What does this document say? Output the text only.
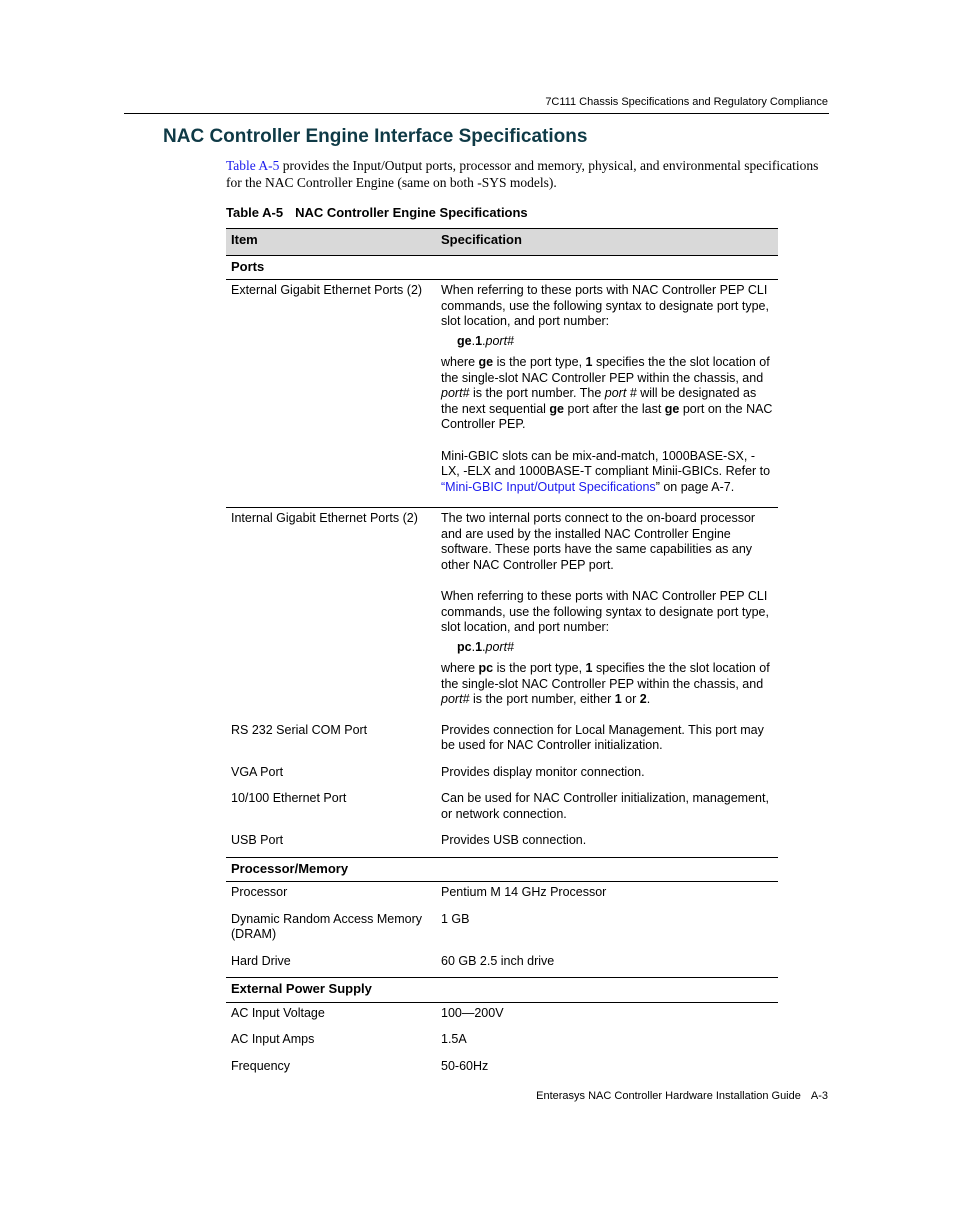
7C111 Chassis Specifications and Regulatory Compliance
NAC Controller Engine Interface Specifications
Table A-5 provides the Input/Output ports, processor and memory, physical, and environmental specifications for the NAC Controller Engine (same on both -SYS models).
Table A-5 NAC Controller Engine Specifications
Item	Specification
Ports	
External Gigabit Ethernet Ports (2)	When referring to these ports with NAC Controller PEP CLI commands, use the following syntax to designate port type, slot location, and port number:
ge.1.port#
where ge is the port type, 1 specifies the the slot location of the single-slot NAC Controller PEP within the chassis, and port# is the port number. The port # will be designated as the next sequential ge port after the last ge port on the NAC Controller PEP.
Mini-GBIC slots can be mix-and-match, 1000BASE-SX, -LX, -ELX and 1000BASE-T compliant Minii-GBICs. Refer to “Mini-GBIC Input/Output Specifications” on page A-7.

Internal Gigabit Ethernet Ports (2)	The two internal ports connect to the on-board processor and are used by the installed NAC Controller Engine software. These ports have the same capabilities as any other NAC Controller PEP port.
When referring to these ports with NAC Controller PEP CLI commands, use the following syntax to designate port type, slot location, and port number:
pc.1.port#
where pc is the port type, 1 specifies the the slot location of the single-slot NAC Controller PEP within the chassis, and port# is the port number, either 1 or 2.

RS 232 Serial COM Port	Provides connection for Local Management. This port may be used for NAC Controller initialization.
VGA Port	Provides display monitor connection.
10/100 Ethernet Port	Can be used for NAC Controller initialization, management, or network connection.
USB Port	Provides USB connection.
Processor/Memory	
Processor	Pentium M 14 GHz Processor
Dynamic Random Access Memory (DRAM)	1 GB
Hard Drive	60 GB 2.5 inch drive
External Power Supply	
AC Input Voltage	100—200V
AC Input Amps	1.5A
Frequency	50-60Hz
Enterasys NAC Controller Hardware Installation Guide A-3
